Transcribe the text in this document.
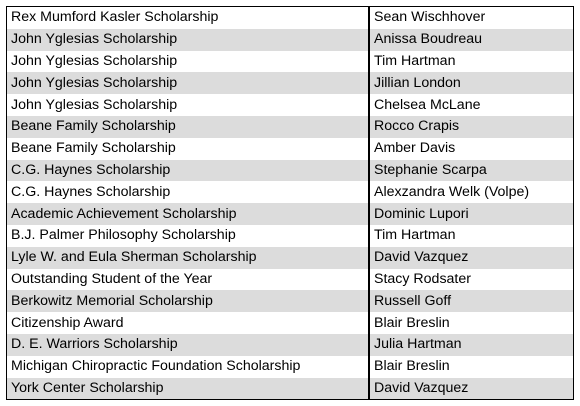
Rex Mumford Kasler Scholarship	Sean Wischhover
John Yglesias Scholarship	Anissa Boudreau
John Yglesias Scholarship	Tim Hartman
John Yglesias Scholarship	Jillian London
John Yglesias Scholarship	Chelsea McLane
Beane Family Scholarship	Rocco Crapis
Beane Family Scholarship	Amber Davis
C.G. Haynes Scholarship	Stephanie Scarpa
C.G. Haynes Scholarship	Alexzandra Welk (Volpe)
Academic Achievement Scholarship	Dominic Lupori
B.J. Palmer Philosophy Scholarship	Tim Hartman
Lyle W. and Eula Sherman Scholarship	David Vazquez
Outstanding Student of the Year	Stacy Rodsater
Berkowitz Memorial Scholarship	Russell Goff
Citizenship Award	Blair Breslin
D. E. Warriors Scholarship	Julia Hartman
Michigan Chiropractic Foundation Scholarship	Blair Breslin
York Center Scholarship	David Vazquez
